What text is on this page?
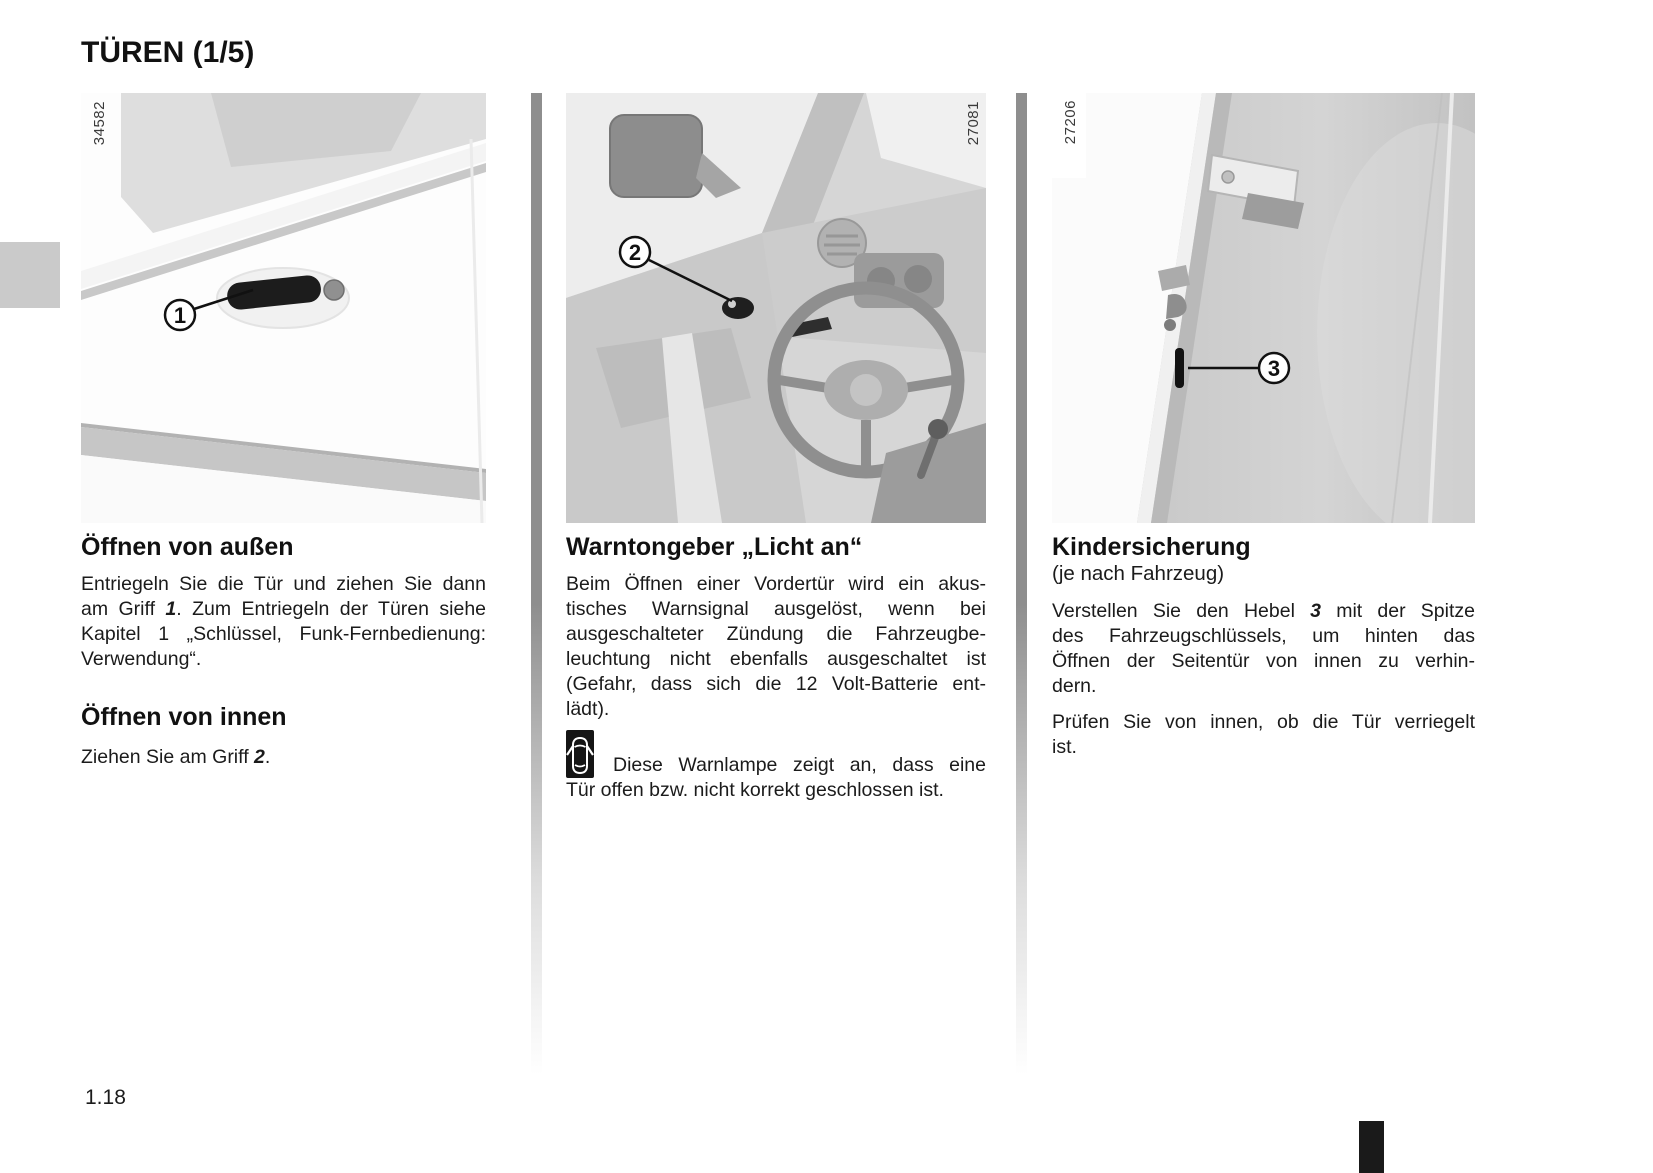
TÜREN (1/5)
1
34582
2
27081
3
27206
Öffnen von außen
Entriegeln Sie die Tür und ziehen Sie dann
am Griff 1. Zum Entriegeln der Türen siehe
Kapitel 1 „Schlüssel, Funk-Fernbedienung:
Verwendung“.
Öffnen von innen
Ziehen Sie am Griff 2.
Warntongeber „Licht an“
Beim Öffnen einer Vordertür wird ein akus-
tisches Warnsignal ausgelöst, wenn bei
ausgeschalteter Zündung die Fahrzeugbe-
leuchtung nicht ebenfalls ausgeschaltet ist
(Gefahr, dass sich die 12 Volt-Batterie ent-
lädt).
Diese Warnlampe zeigt an, dass eine
Tür offen bzw. nicht korrekt geschlossen ist.
Kindersicherung
(je nach Fahrzeug)
Verstellen Sie den Hebel 3 mit der Spitze
des Fahrzeugschlüssels, um hinten das
Öffnen der Seitentür von innen zu verhin-
dern.
Prüfen Sie von innen, ob die Tür verriegelt
ist.
1.18
